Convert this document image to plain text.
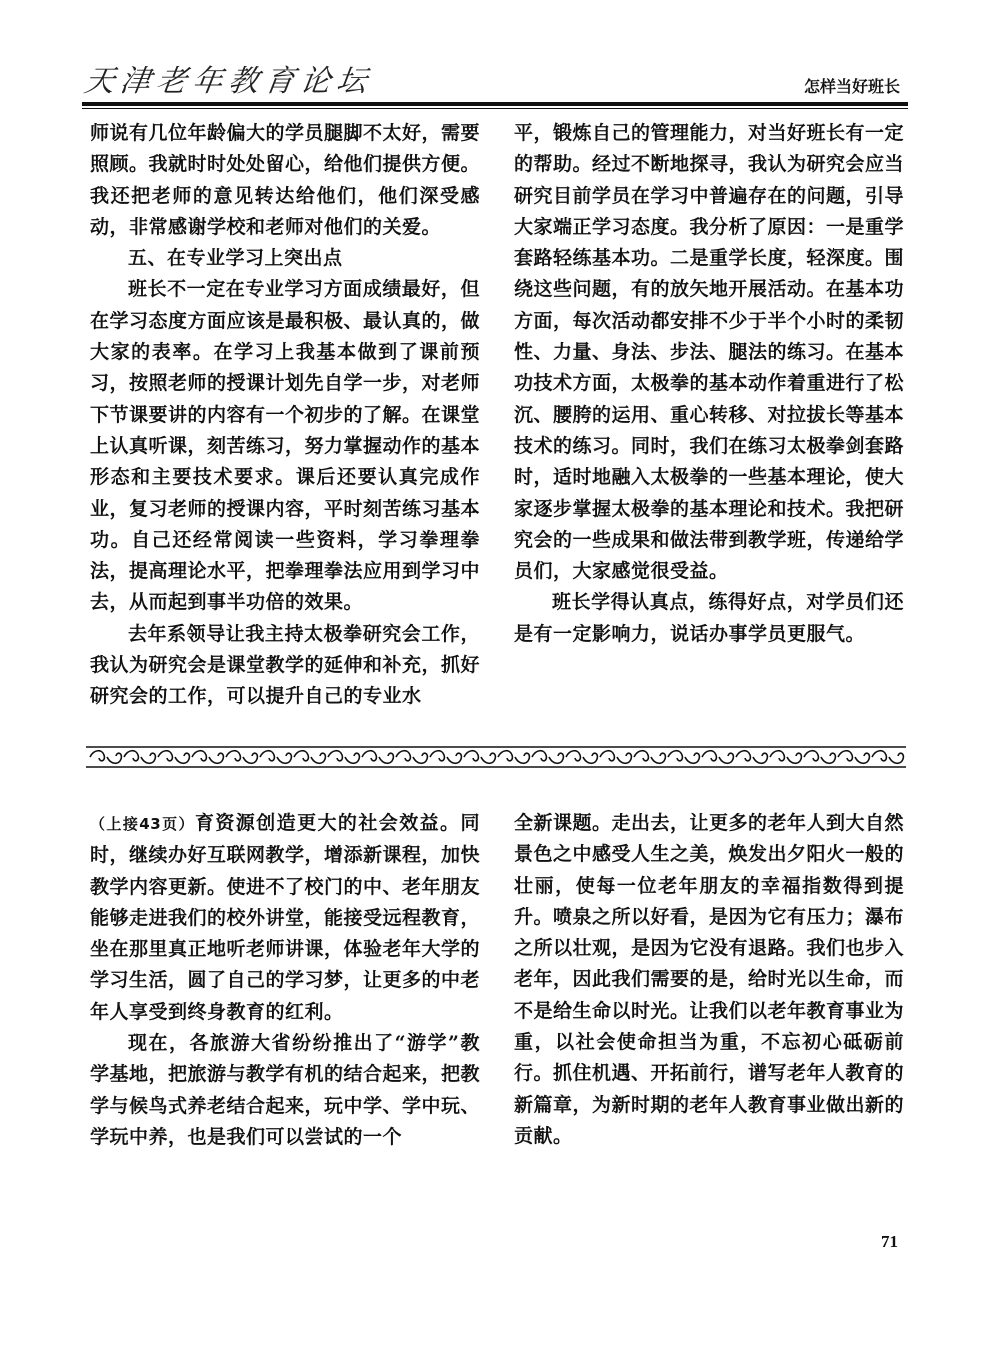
天津老年教育论坛	怎样当好班长

师说有几位年龄偏大的学员腿脚不太好，需要照顾。我就时时处处留心，给他们提供方便。我还把老师的意见转达给他们，他们深受感动，非常感谢学校和老师对他们的关爱。

五、在专业学习上突出点

班长不一定在专业学习方面成绩最好，但在学习态度方面应该是最积极、最认真的，做大家的表率。在学习上我基本做到了课前预习，按照老师的授课计划先自学一步，对老师下节课要讲的内容有一个初步的了解。在课堂上认真听课，刻苦练习，努力掌握动作的基本形态和主要技术要求。课后还要认真完成作业，复习老师的授课内容，平时刻苦练习基本功。自己还经常阅读一些资料，学习拳理拳法，提高理论水平，把拳理拳法应用到学习中去，从而起到事半功倍的效果。

去年系领导让我主持太极拳研究会工作，我认为研究会是课堂教学的延伸和补充，抓好研究会的工作，可以提升自己的专业水

平，锻炼自己的管理能力，对当好班长有一定的帮助。经过不断地探寻，我认为研究会应当研究目前学员在学习中普遍存在的问题，引导大家端正学习态度。我分析了原因：一是重学套路轻练基本功。二是重学长度，轻深度。围绕这些问题，有的放矢地开展活动。在基本功方面，每次活动都安排不少于半个小时的柔韧性、力量、身法、步法、腿法的练习。在基本功技术方面，太极拳的基本动作着重进行了松沉、腰胯的运用、重心转移、对拉拔长等基本技术的练习。同时，我们在练习太极拳剑套路时，适时地融入太极拳的一些基本理论，使大家逐步掌握太极拳的基本理论和技术。我把研究会的一些成果和做法带到教学班，传递给学员们，大家感觉很受益。

班长学得认真点，练得好点，对学员们还是有一定影响力，说话办事学员更服气。

（上接43页）育资源创造更大的社会效益。同时，继续办好互联网教学，增添新课程，加快教学内容更新。使进不了校门的中、老年朋友能够走进我们的校外讲堂，能接受远程教育，坐在那里真正地听老师讲课，体验老年大学的学习生活，圆了自己的学习梦，让更多的中老年人享受到终身教育的红利。

现在，各旅游大省纷纷推出了“游学”教学基地，把旅游与教学有机的结合起来，把教学与候鸟式养老结合起来，玩中学、学中玩、学玩中养，也是我们可以尝试的一个

全新课题。走出去，让更多的老年人到大自然景色之中感受人生之美，焕发出夕阳火一般的壮丽，使每一位老年朋友的幸福指数得到提升。喷泉之所以好看，是因为它有压力；瀑布之所以壮观，是因为它没有退路。我们也步入老年，因此我们需要的是，给时光以生命，而不是给生命以时光。让我们以老年教育事业为重，以社会使命担当为重，不忘初心砥砺前行。抓住机遇、开拓前行，谱写老年人教育的新篇章，为新时期的老年人教育事业做出新的贡献。

71
